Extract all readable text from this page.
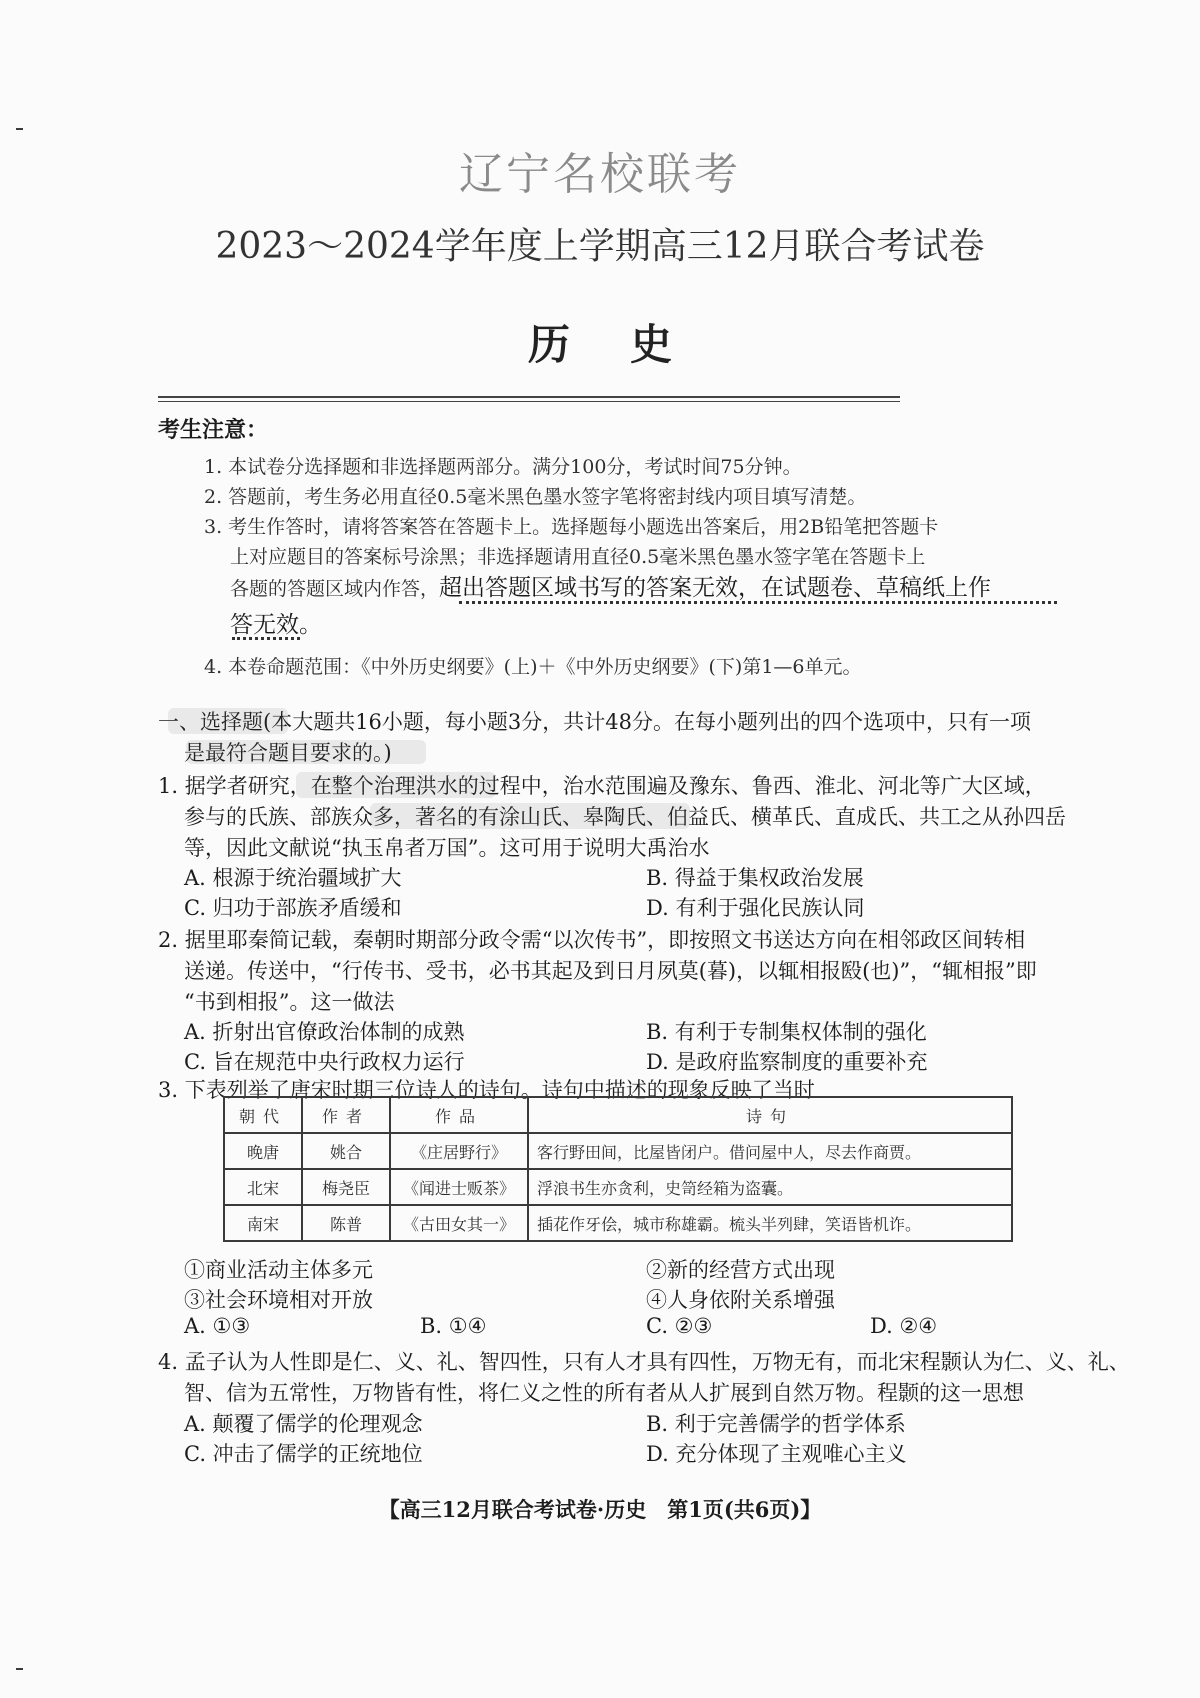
辽宁名校联考
2023～2024学年度上学期高三12月联合考试卷
历史
考生注意：
1. 本试卷分选择题和非选择题两部分。满分100分，考试时间75分钟。
2. 答题前，考生务必用直径0.5毫米黑色墨水签字笔将密封线内项目填写清楚。
3. 考生作答时，请将答案答在答题卡上。选择题每小题选出答案后，用2B铅笔把答题卡
上对应题目的答案标号涂黑；非选择题请用直径0.5毫米黑色墨水签字笔在答题卡上
各题的答题区域内作答，超出答题区域书写的答案无效，在试题卷、草稿纸上作
答无效。
4. 本卷命题范围：《中外历史纲要》(上)＋《中外历史纲要》(下)第1—6单元。
一、选择题(本大题共16小题，每小题3分，共计48分。在每小题列出的四个选项中，只有一项
是最符合题目要求的。)
1. 据学者研究，在整个治理洪水的过程中，治水范围遍及豫东、鲁西、淮北、河北等广大区域，
参与的氏族、部族众多，著名的有涂山氏、皋陶氏、伯益氏、横革氏、直成氏、共工之从孙四岳
等，因此文献说“执玉帛者万国”。这可用于说明大禹治水
A. 根源于统治疆域扩大	B. 得益于集权政治发展
C. 归功于部族矛盾缓和	D. 有利于强化民族认同
2. 据里耶秦简记载，秦朝时期部分政令需“以次传书”，即按照文书送达方向在相邻政区间转相
送递。传送中，“行传书、受书，必书其起及到日月夙莫(暮)，以辄相报殹(也)”，“辄相报”即
“书到相报”。这一做法
A. 折射出官僚政治体制的成熟	B. 有利于专制集权体制的强化
C. 旨在规范中央行政权力运行	D. 是政府监察制度的重要补充
3. 下表列举了唐宋时期三位诗人的诗句。诗句中描述的现象反映了当时
朝代	作者	作品	诗句
晚唐	姚合	《庄居野行》	客行野田间，比屋皆闭户。借问屋中人，尽去作商贾。
北宋	梅尧臣	《闻进士贩茶》	浮浪书生亦贪利，史笥经箱为盗囊。
南宋	陈普	《古田女其一》	插花作牙侩，城市称雄霸。梳头半列肆，笑语皆机诈。
①商业活动主体多元	②新的经营方式出现
③社会环境相对开放	④人身依附关系增强
A. ①③	B. ①④	C. ②③	D. ②④
4. 孟子认为人性即是仁、义、礼、智四性，只有人才具有四性，万物无有，而北宋程颢认为仁、义、礼、
智、信为五常性，万物皆有性，将仁义之性的所有者从人扩展到自然万物。程颢的这一思想
A. 颠覆了儒学的伦理观念	B. 利于完善儒学的哲学体系
C. 冲击了儒学的正统地位	D. 充分体现了主观唯心主义
【高三12月联合考试卷·历史　第1页(共6页)】
